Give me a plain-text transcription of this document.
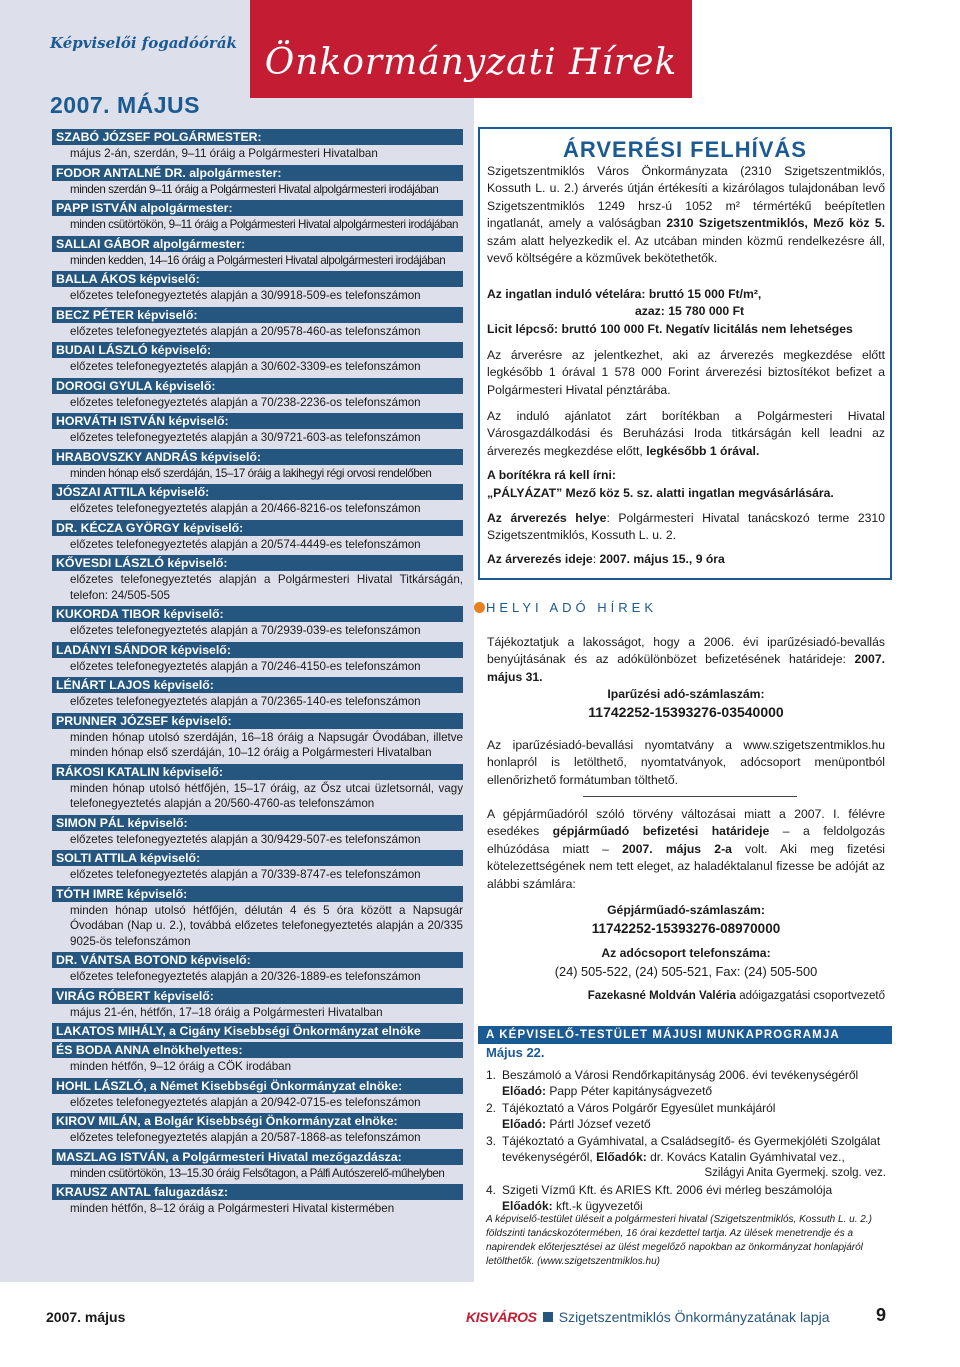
Képviselői fogadóórák
2007. MÁJUS
Önkormányzati Hírek
SZABÓ JÓZSEF POLGÁRMESTER:
május 2-án, szerdán, 9–11 óráig a Polgármesteri Hivatalban
FODOR ANTALNÉ DR. alpolgármester:
minden szerdán 9–11 óráig a Polgármesteri Hivatal alpolgármesteri irodájában
PAPP ISTVÁN alpolgármester:
minden csütörtökön, 9–11 óráig a Polgármesteri Hivatal alpolgármesteri irodájában
SALLAI GÁBOR alpolgármester:
minden kedden, 14–16 óráig a Polgármesteri Hivatal alpolgármesteri irodájában
BALLA ÁKOS képviselő:
előzetes telefonegyeztetés alapján a 30/9918-509-es telefonszámon
BECZ PÉTER képviselő:
előzetes telefonegyeztetés alapján a 20/9578-460-as telefonszámon
BUDAI LÁSZLÓ képviselő:
előzetes telefonegyeztetés alapján a 30/602-3309-es telefonszámon
DOROGI GYULA képviselő:
előzetes telefonegyeztetés alapján a 70/238-2236-os telefonszámon
HORVÁTH ISTVÁN képviselő:
előzetes telefonegyeztetés alapján a 30/9721-603-as telefonszámon
HRABOVSZKY ANDRÁS képviselő:
minden hónap első szerdáján, 15–17 óráig a lakihegyi régi orvosi rendelőben
JÓSZAI ATTILA képviselő:
előzetes telefonegyeztetés alapján a 20/466-8216-os telefonszámon
DR. KÉCZA GYÖRGY képviselő:
előzetes telefonegyeztetés alapján a 20/574-4449-es telefonszámon
KŐVESDI LÁSZLÓ képviselő:
előzetes telefonegyeztetés alapján a Polgármesteri Hivatal Titkárságán, telefon: 24/505-505
KUKORDA TIBOR képviselő:
előzetes telefonegyeztetés alapján a 70/2939-039-es telefonszámon
LADÁNYI SÁNDOR képviselő:
előzetes telefonegyeztetés alapján a 70/246-4150-es telefonszámon
LÉNÁRT LAJOS képviselő:
előzetes telefonegyeztetés alapján a 70/2365-140-es telefonszámon
PRUNNER JÓZSEF képviselő:
minden hónap utolsó szerdáján, 16–18 óráig a Napsugár Óvodában, illetve minden hónap első szerdáján, 10–12 óráig a Polgármesteri Hivatalban
RÁKOSI KATALIN képviselő:
minden hónap utolsó hétfőjén, 15–17 óráig, az Ősz utcai üzletsornál, vagy telefonegyeztetés alapján a 20/560-4760-as telefonszámon
SIMON PÁL képviselő:
előzetes telefonegyeztetés alapján a 30/9429-507-es telefonszámon
SOLTI ATTILA képviselő:
előzetes telefonegyeztetés alapján a 70/339-8747-es telefonszámon
TÓTH IMRE képviselő:
minden hónap utolsó hétfőjén, délután 4 és 5 óra között a Napsugár Óvodában (Nap u. 2.), továbbá előzetes telefonegyeztetés alapján a 20/335 9025-ös telefonszámon
DR. VÁNTSA BOTOND képviselő:
előzetes telefonegyeztetés alapján a 20/326-1889-es telefonszámon
VIRÁG RÓBERT képviselő:
május 21-én, hétfőn, 17–18 óráig a Polgármesteri Hivatalban
LAKATOS MIHÁLY, a Cigány Kisebbségi Önkormányzat elnöke
ÉS BODA ANNA elnökhelyettes:
minden hétfőn, 9–12 óráig a CÖK irodában
HOHL LÁSZLÓ, a Német Kisebbségi Önkormányzat elnöke:
előzetes telefonegyeztetés alapján a 20/942-0715-es telefonszámon
KIROV MILÁN, a Bolgár Kisebbségi Önkormányzat elnöke:
előzetes telefonegyeztetés alapján a 20/587-1868-as telefonszámon
MASZLAG ISTVÁN, a Polgármesteri Hivatal mezőgazdásza:
minden csütörtökön, 13–15.30 óráig Felsőtagon, a Pálfi Autószerelő-műhelyben
KRAUSZ ANTAL falugazdász:
minden hétfőn, 8–12 óráig a Polgármesteri Hivatal kistermében
ÁRVERÉSI FELHÍVÁS
Szigetszentmiklós Város Önkormányzata (2310 Szigetszentmiklós, Kossuth L. u. 2.) árverés útján értékesíti a kizárólagos tulajdonában levő Szigetszentmiklós 1249 hrsz-ú 1052 m² térmértékű beépítetlen ingatlanát, amely a valóságban 2310 Szigetszentmiklós, Mező köz 5. szám alatt helyezkedik el. Az utcában minden közmű rendelkezésre áll, vevő költségére a közművek bekötethetők.
Az ingatlan induló vételára: bruttó 15 000 Ft/m²,
azaz: 15 780 000 Ft
Licit lépcső: bruttó 100 000 Ft. Negatív licitálás nem lehetséges
Az árverésre az jelentkezhet, aki az árverezés megkezdése előtt legkésőbb 1 órával 1 578 000 Forint árverezési biztosítékot befizet a Polgármesteri Hivatal pénztárába.
Az induló ajánlatot zárt borítékban a Polgármesteri Hivatal Városgazdálkodási és Beruházási Iroda titkárságán kell leadni az árverezés megkezdése előtt, legkésőbb 1 órával.
A borítékra rá kell írni:
„PÁLYÁZAT” Mező köz 5. sz. alatti ingatlan megvásárlására.
Az árverezés helye: Polgármesteri Hivatal tanácskozó terme 2310 Szigetszentmiklós, Kossuth L. u. 2.
Az árverezés ideje: 2007. május 15., 9 óra
HELYI ADÓ HÍREK
Tájékoztatjuk a lakosságot, hogy a 2006. évi iparűzésiadó-bevallás benyújtásának és az adókülönbözet befizetésének határideje: 2007. május 31.
Iparűzési adó-számlaszám:
11742252-15393276-03540000
Az iparűzésiadó-bevallási nyomtatvány a www.szigetszentmiklos.hu honlapról is letölthető, nyomtatványok, adócsoport menüpontból ellenőrizhető formátumban tölthető.
A gépjárműadóról szóló törvény változásai miatt a 2007. I. félévre esedékes gépjárműadó befizetési határideje – a feldolgozás elhúzódása miatt – 2007. május 2-a volt. Aki meg fizetési kötelezettségének nem tett eleget, az haladéktalanul fizesse be adóját az alábbi számlára:
Gépjárműadó-számlaszám:
11742252-15393276-08970000
Az adócsoport telefonszáma:
(24) 505-522, (24) 505-521, Fax: (24) 505-500
Fazekasné Moldván Valéria adóigazgatási csoportvezető
A KÉPVISELŐ-TESTÜLET MÁJUSI MUNKAPROGRAMJA
Május 22.
1. Beszámoló a Városi Rendőrkapitányság 2006. évi tevékenységéről
Előadó: Papp Péter kapitányságvezető
2. Tájékoztató a Város Polgárőr Egyesület munkájáról
Előadó: Pártl József vezető
3. Tájékoztató a Gyámhivatal, a Családsegítő- és Gyermekjóléti Szolgálat tevékenységéről, Előadók: dr. Kovács Katalin Gyámhivatal vez.,
Szilágyi Anita Gyermekj. szolg. vez.
4. Szigeti Vízmű Kft. és ARIES Kft. 2006 évi mérleg beszámolója
Előadók: kft.-k ügyvezetői
A képviselő-testület üléseit a polgármesteri hivatal (Szigetszentmiklós, Kossuth L. u. 2.) földszinti tanácskozótermében, 16 órai kezdettel tartja. Az ülések menetrendje és a napirendek előterjesztései az ülést megelőző napokban az önkormányzat honlapjáról letölthetők. (www.szigetszentmiklos.hu)
2007. május	KISVÁROS Szigetszentmiklós Önkormányzatának lapja	9
